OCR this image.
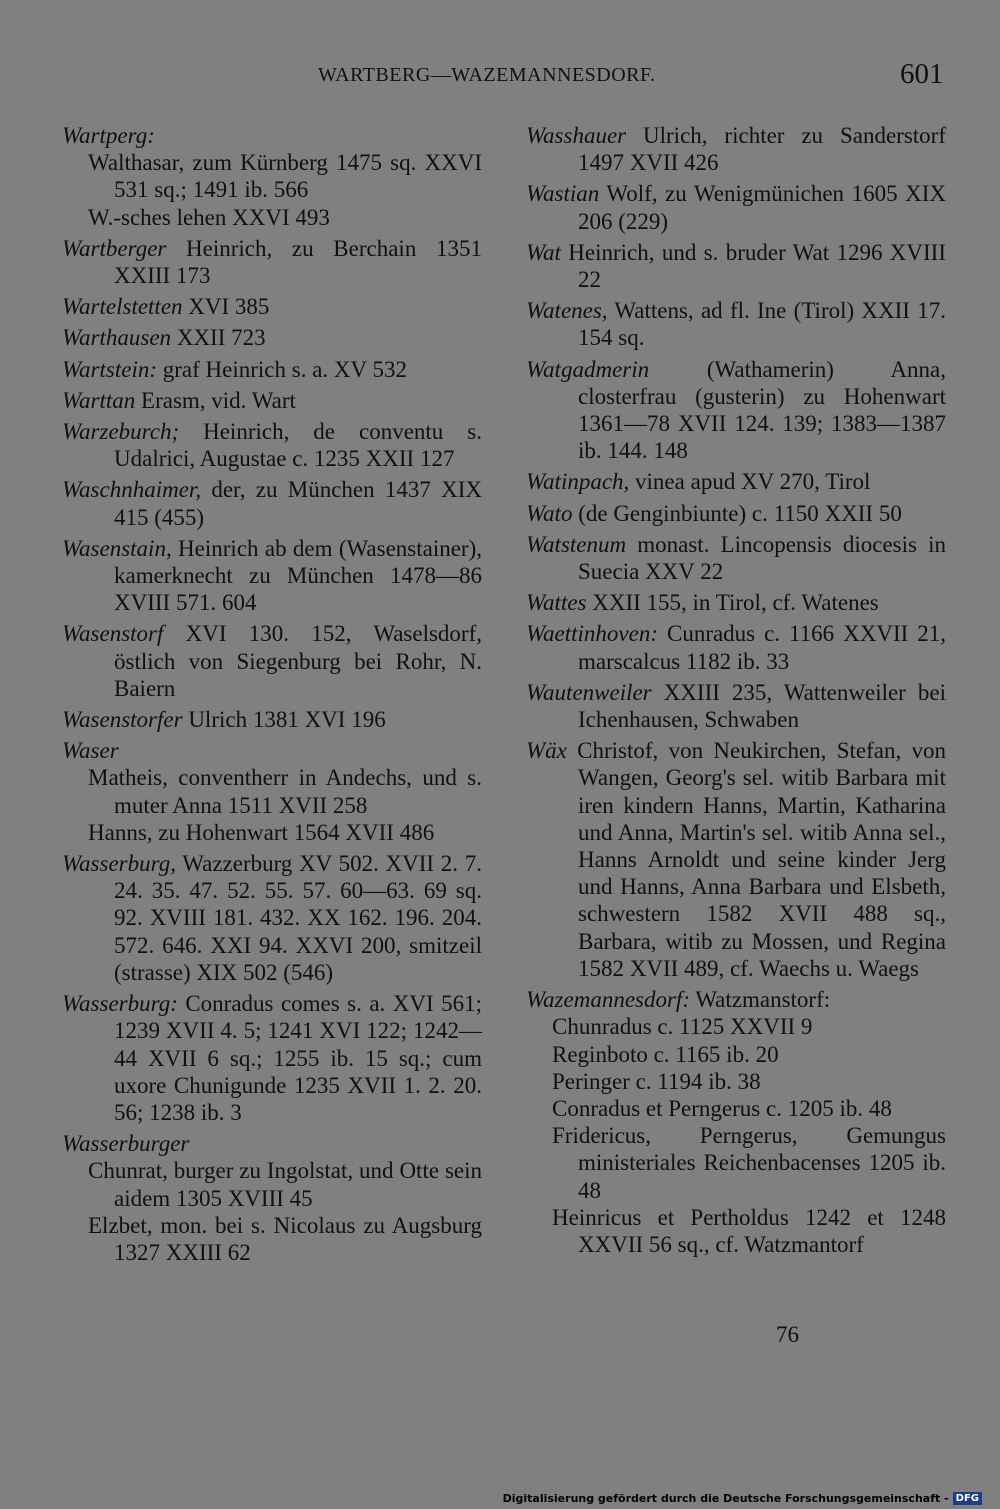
WARTBERG—WAZEMANNESDORF.	601
Wartperg:
Walthasar, zum Kürnberg 1475 sq. XXVI 531 sq.; 1491 ib. 566
W.-sches lehen XXVI 493
Wartberger Heinrich, zu Berchain 1351 XXIII 173
Wartelstetten XVI 385
Warthausen XXII 723
Wartstein: graf Heinrich s. a. XV 532
Warttan Erasm, vid. Wart
Warzeburch; Heinrich, de conventu s. Udalrici, Augustae c. 1235 XXII 127
Waschnhaimer, der, zu München 1437 XIX 415 (455)
Wasenstain, Heinrich ab dem (Wasenstainer), kamerknecht zu München 1478—86 XVIII 571. 604
Wasenstorf XVI 130. 152, Waselsdorf, östlich von Siegenburg bei Rohr, N. Baiern
Wasenstorfer Ulrich 1381 XVI 196
Waser
Matheis, conventherr in Andechs, und s. muter Anna 1511 XVII 258
Hanns, zu Hohenwart 1564 XVII 486
Wasserburg, Wazzerburg XV 502. XVII 2. 7. 24. 35. 47. 52. 55. 57. 60—63. 69 sq. 92. XVIII 181. 432. XX 162. 196. 204. 572. 646. XXI 94. XXVI 200, smitzeil (strasse) XIX 502 (546)
Wasserburg: Conradus comes s. a. XVI 561; 1239 XVII 4. 5; 1241 XVI 122; 1242—44 XVII 6 sq.; 1255 ib. 15 sq.; cum uxore Chunigunde 1235 XVII 1. 2. 20. 56; 1238 ib. 3
Wasserburger
Chunrat, burger zu Ingolstat, und Otte sein aidem 1305 XVIII 45
Elzbet, mon. bei s. Nicolaus zu Augsburg 1327 XXIII 62
Wasshauer Ulrich, richter zu Sanderstorf 1497 XVII 426
Wastian Wolf, zu Wenigmünichen 1605 XIX 206 (229)
Wat Heinrich, und s. bruder Wat 1296 XVIII 22
Watenes, Wattens, ad fl. Ine (Tirol) XXII 17. 154 sq.
Watgadmerin (Wathamerin) Anna, closterfrau (gusterin) zu Hohenwart 1361—78 XVII 124. 139; 1383—1387 ib. 144. 148
Watinpach, vinea apud XV 270, Tirol
Wato (de Genginbiunte) c. 1150 XXII 50
Watstenum monast. Lincopensis diocesis in Suecia XXV 22
Wattes XXII 155, in Tirol, cf. Watenes
Waettinhoven: Cunradus c. 1166 XXVII 21, marscalcus 1182 ib. 33
Wautenweiler XXIII 235, Wattenweiler bei Ichenhausen, Schwaben
Wäx Christof, von Neukirchen, Stefan, von Wangen, Georg's sel. witib Barbara mit iren kindern Hanns, Martin, Katharina und Anna, Martin's sel. witib Anna sel., Hanns Arnoldt und seine kinder Jerg und Hanns, Anna Barbara und Elsbeth, schwestern 1582 XVII 488 sq., Barbara, witib zu Mossen, und Regina 1582 XVII 489, cf. Waechs u. Waegs
Wazemannesdorf: Watzmanstorf:
Chunradus c. 1125 XXVII 9
Reginboto c. 1165 ib. 20
Peringer c. 1194 ib. 38
Conradus et Perngerus c. 1205 ib. 48
Fridericus, Perngerus, Gemungus ministeriales Reichenbacenses 1205 ib. 48
Heinricus et Pertholdus 1242 et 1248 XXVII 56 sq., cf. Watzmantorf
76
Digitalisierung gefördert durch die Deutsche Forschungsgemeinschaft - DFG
